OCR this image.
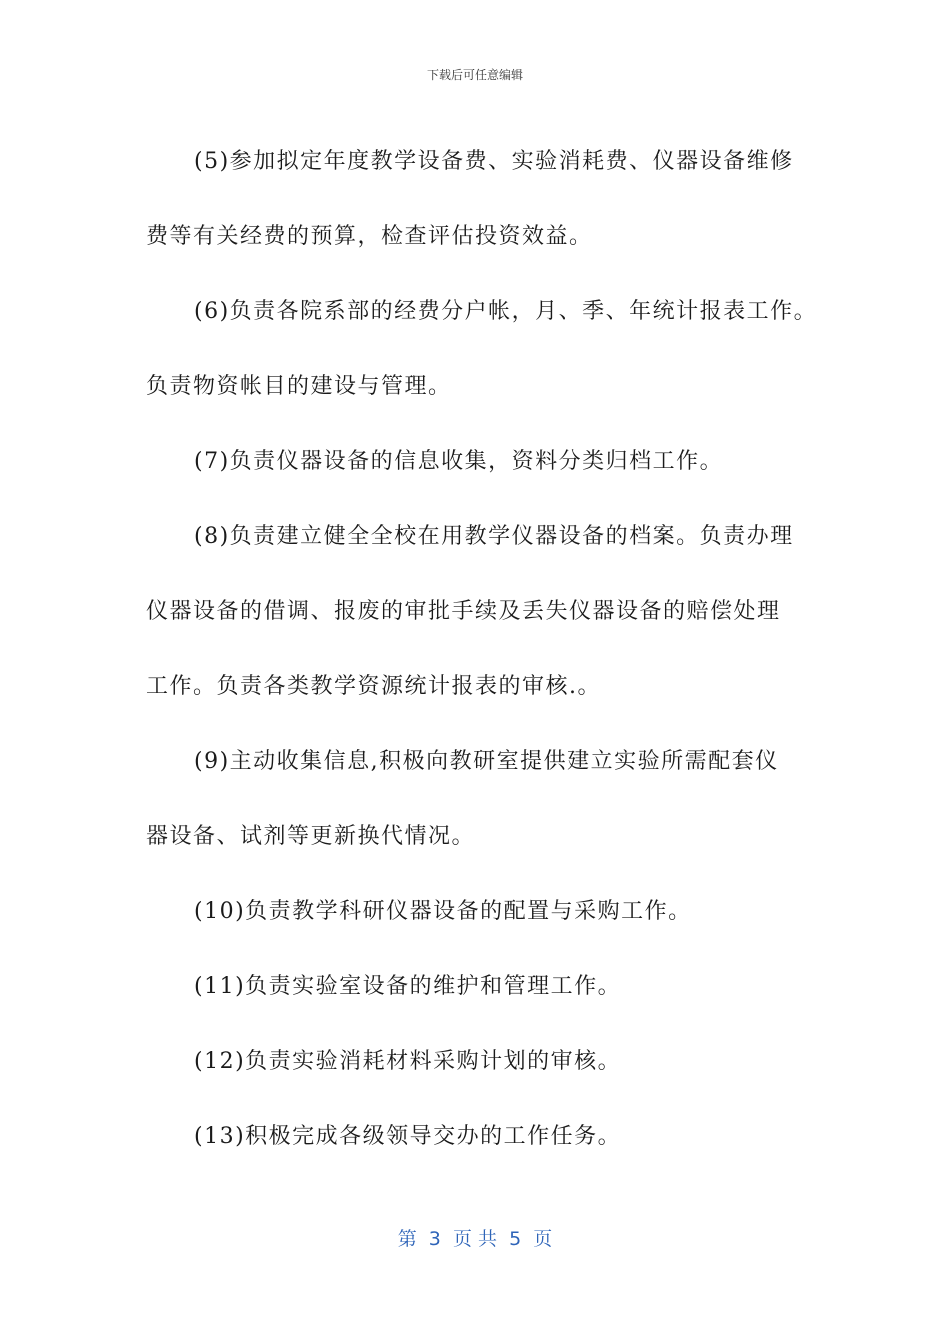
下载后可任意编辑
(5)参加拟定年度教学设备费、实验消耗费、仪器设备维修
费等有关经费的预算，检查评估投资效益。
(6)负责各院系部的经费分户帐，月、季、年统计报表工作。
负责物资帐目的建设与管理。
(7)负责仪器设备的信息收集，资料分类归档工作。
(8)负责建立健全全校在用教学仪器设备的档案。负责办理
仪器设备的借调、报废的审批手续及丢失仪器设备的赔偿处理
工作。负责各类教学资源统计报表的审核.。
(9)主动收集信息,积极向教研室提供建立实验所需配套仪
器设备、试剂等更新换代情况。
(10)负责教学科研仪器设备的配置与采购工作。
(11)负责实验室设备的维护和管理工作。
(12)负责实验消耗材料采购计划的审核。
(13)积极完成各级领导交办的工作任务。
第  3  页 共  5  页
